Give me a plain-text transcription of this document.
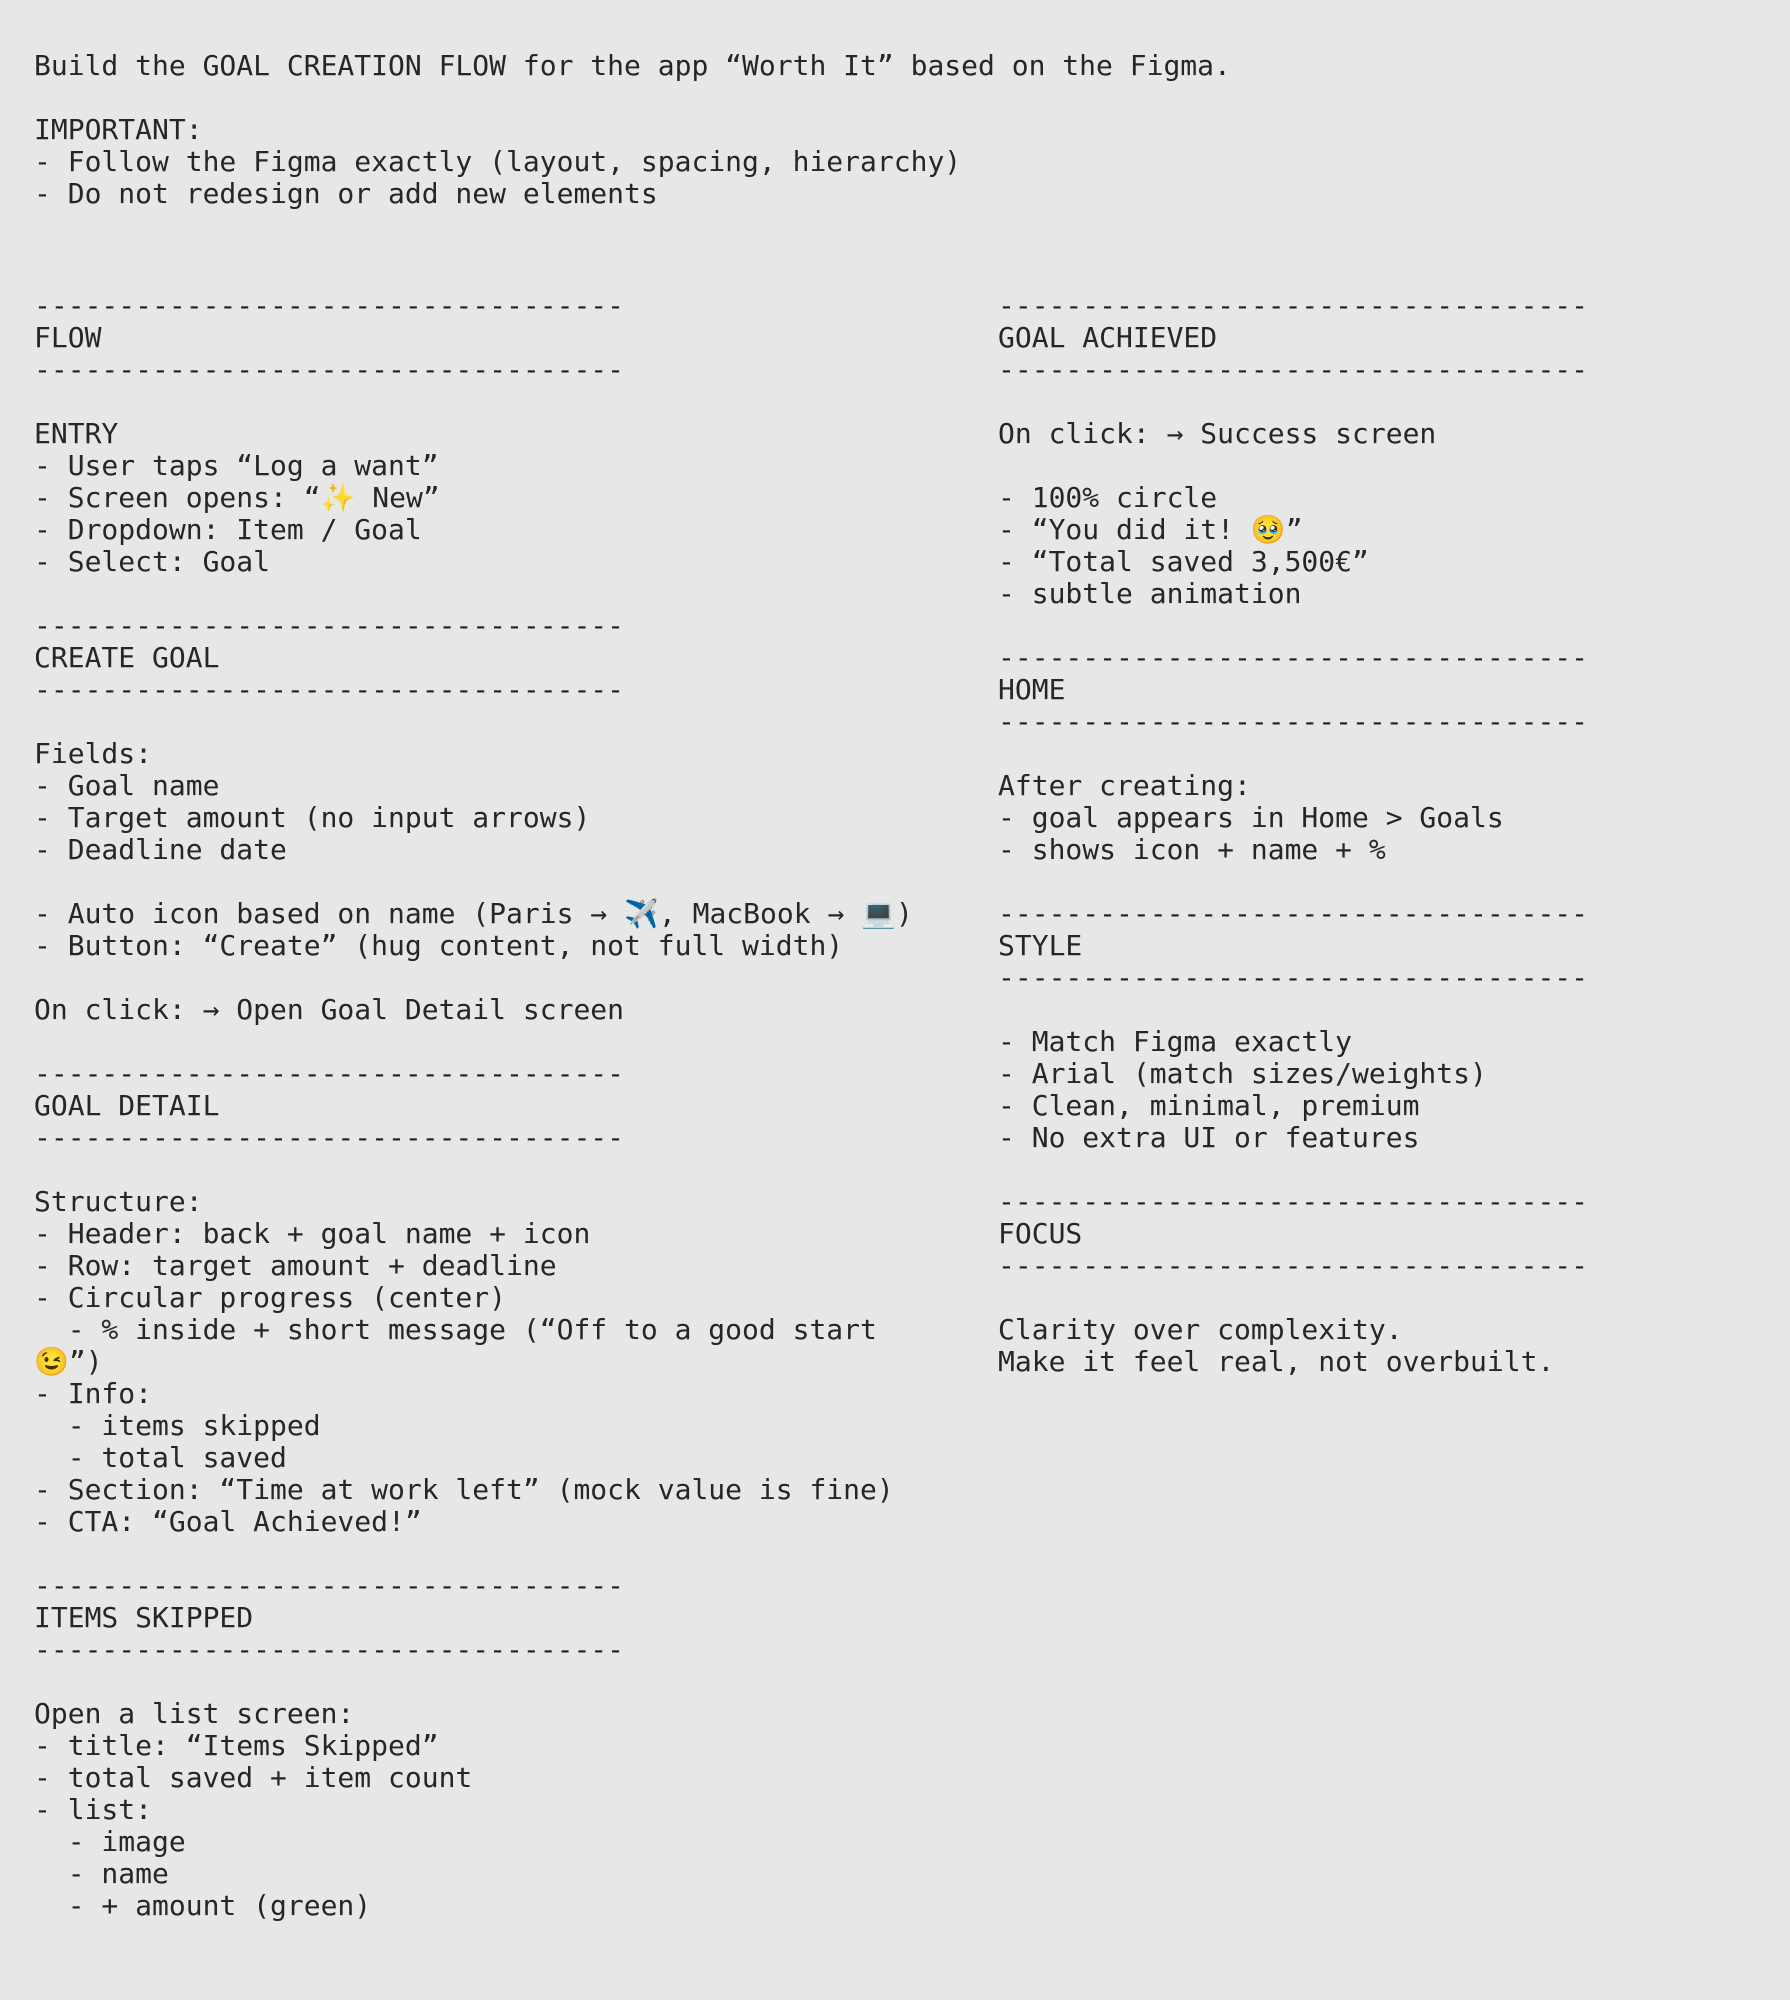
Build the GOAL CREATION FLOW for the app “Worth It” based on the Figma.
IMPORTANT:
- Follow the Figma exactly (layout, spacing, hierarchy)
- Do not redesign or add new elements
-----------------------------------
FLOW
-----------------------------------
ENTRY
- User taps “Log a want”
- Screen opens: “✨ New”
- Dropdown: Item / Goal
- Select: Goal
-----------------------------------
CREATE GOAL
-----------------------------------
Fields:
- Goal name
- Target amount (no input arrows)
- Deadline date
- Auto icon based on name (Paris → ✈️, MacBook → 💻)
- Button: “Create” (hug content, not full width)
On click: → Open Goal Detail screen
-----------------------------------
GOAL DETAIL
-----------------------------------
Structure:
- Header: back + goal name + icon
- Row: target amount + deadline
- Circular progress (center)
- % inside + short message (“Off to a good start
😉”)
- Info:
- items skipped
- total saved
- Section: “Time at work left” (mock value is fine)
- CTA: “Goal Achieved!”
-----------------------------------
ITEMS SKIPPED
-----------------------------------
Open a list screen:
- title: “Items Skipped”
- total saved + item count
- list:
- image
- name
- + amount (green)
-----------------------------------
GOAL ACHIEVED
-----------------------------------
On click: → Success screen
- 100% circle
- “You did it! 🥹”
- “Total saved 3,500€”
- subtle animation
-----------------------------------
HOME
-----------------------------------
After creating:
- goal appears in Home > Goals
- shows icon + name + %
-----------------------------------
STYLE
-----------------------------------
- Match Figma exactly
- Arial (match sizes/weights)
- Clean, minimal, premium
- No extra UI or features
-----------------------------------
FOCUS
-----------------------------------
Clarity over complexity.
Make it feel real, not overbuilt.
